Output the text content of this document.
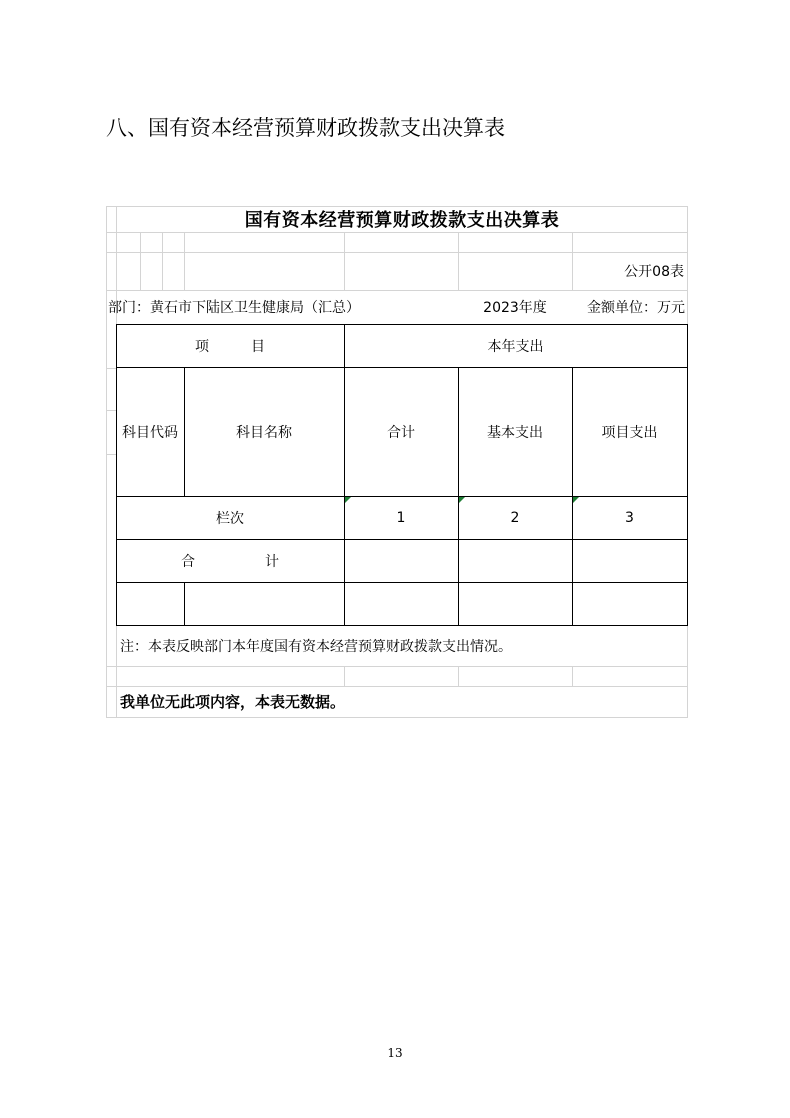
八、国有资本经营预算财政拨款支出决算表
国有资本经营预算财政拨款支出决算表
公开08表
部门：黄石市下陆区卫生健康局（汇总）	2023年度	金额单位：万元
项　　　目	本年支出
科目代码	科目名称	合计	基本支出	项目支出
栏次	1	2	3
合　　　　　计
注：本表反映部门本年度国有资本经营预算财政拨款支出情况。
我单位无此项内容，本表无数据。
13
